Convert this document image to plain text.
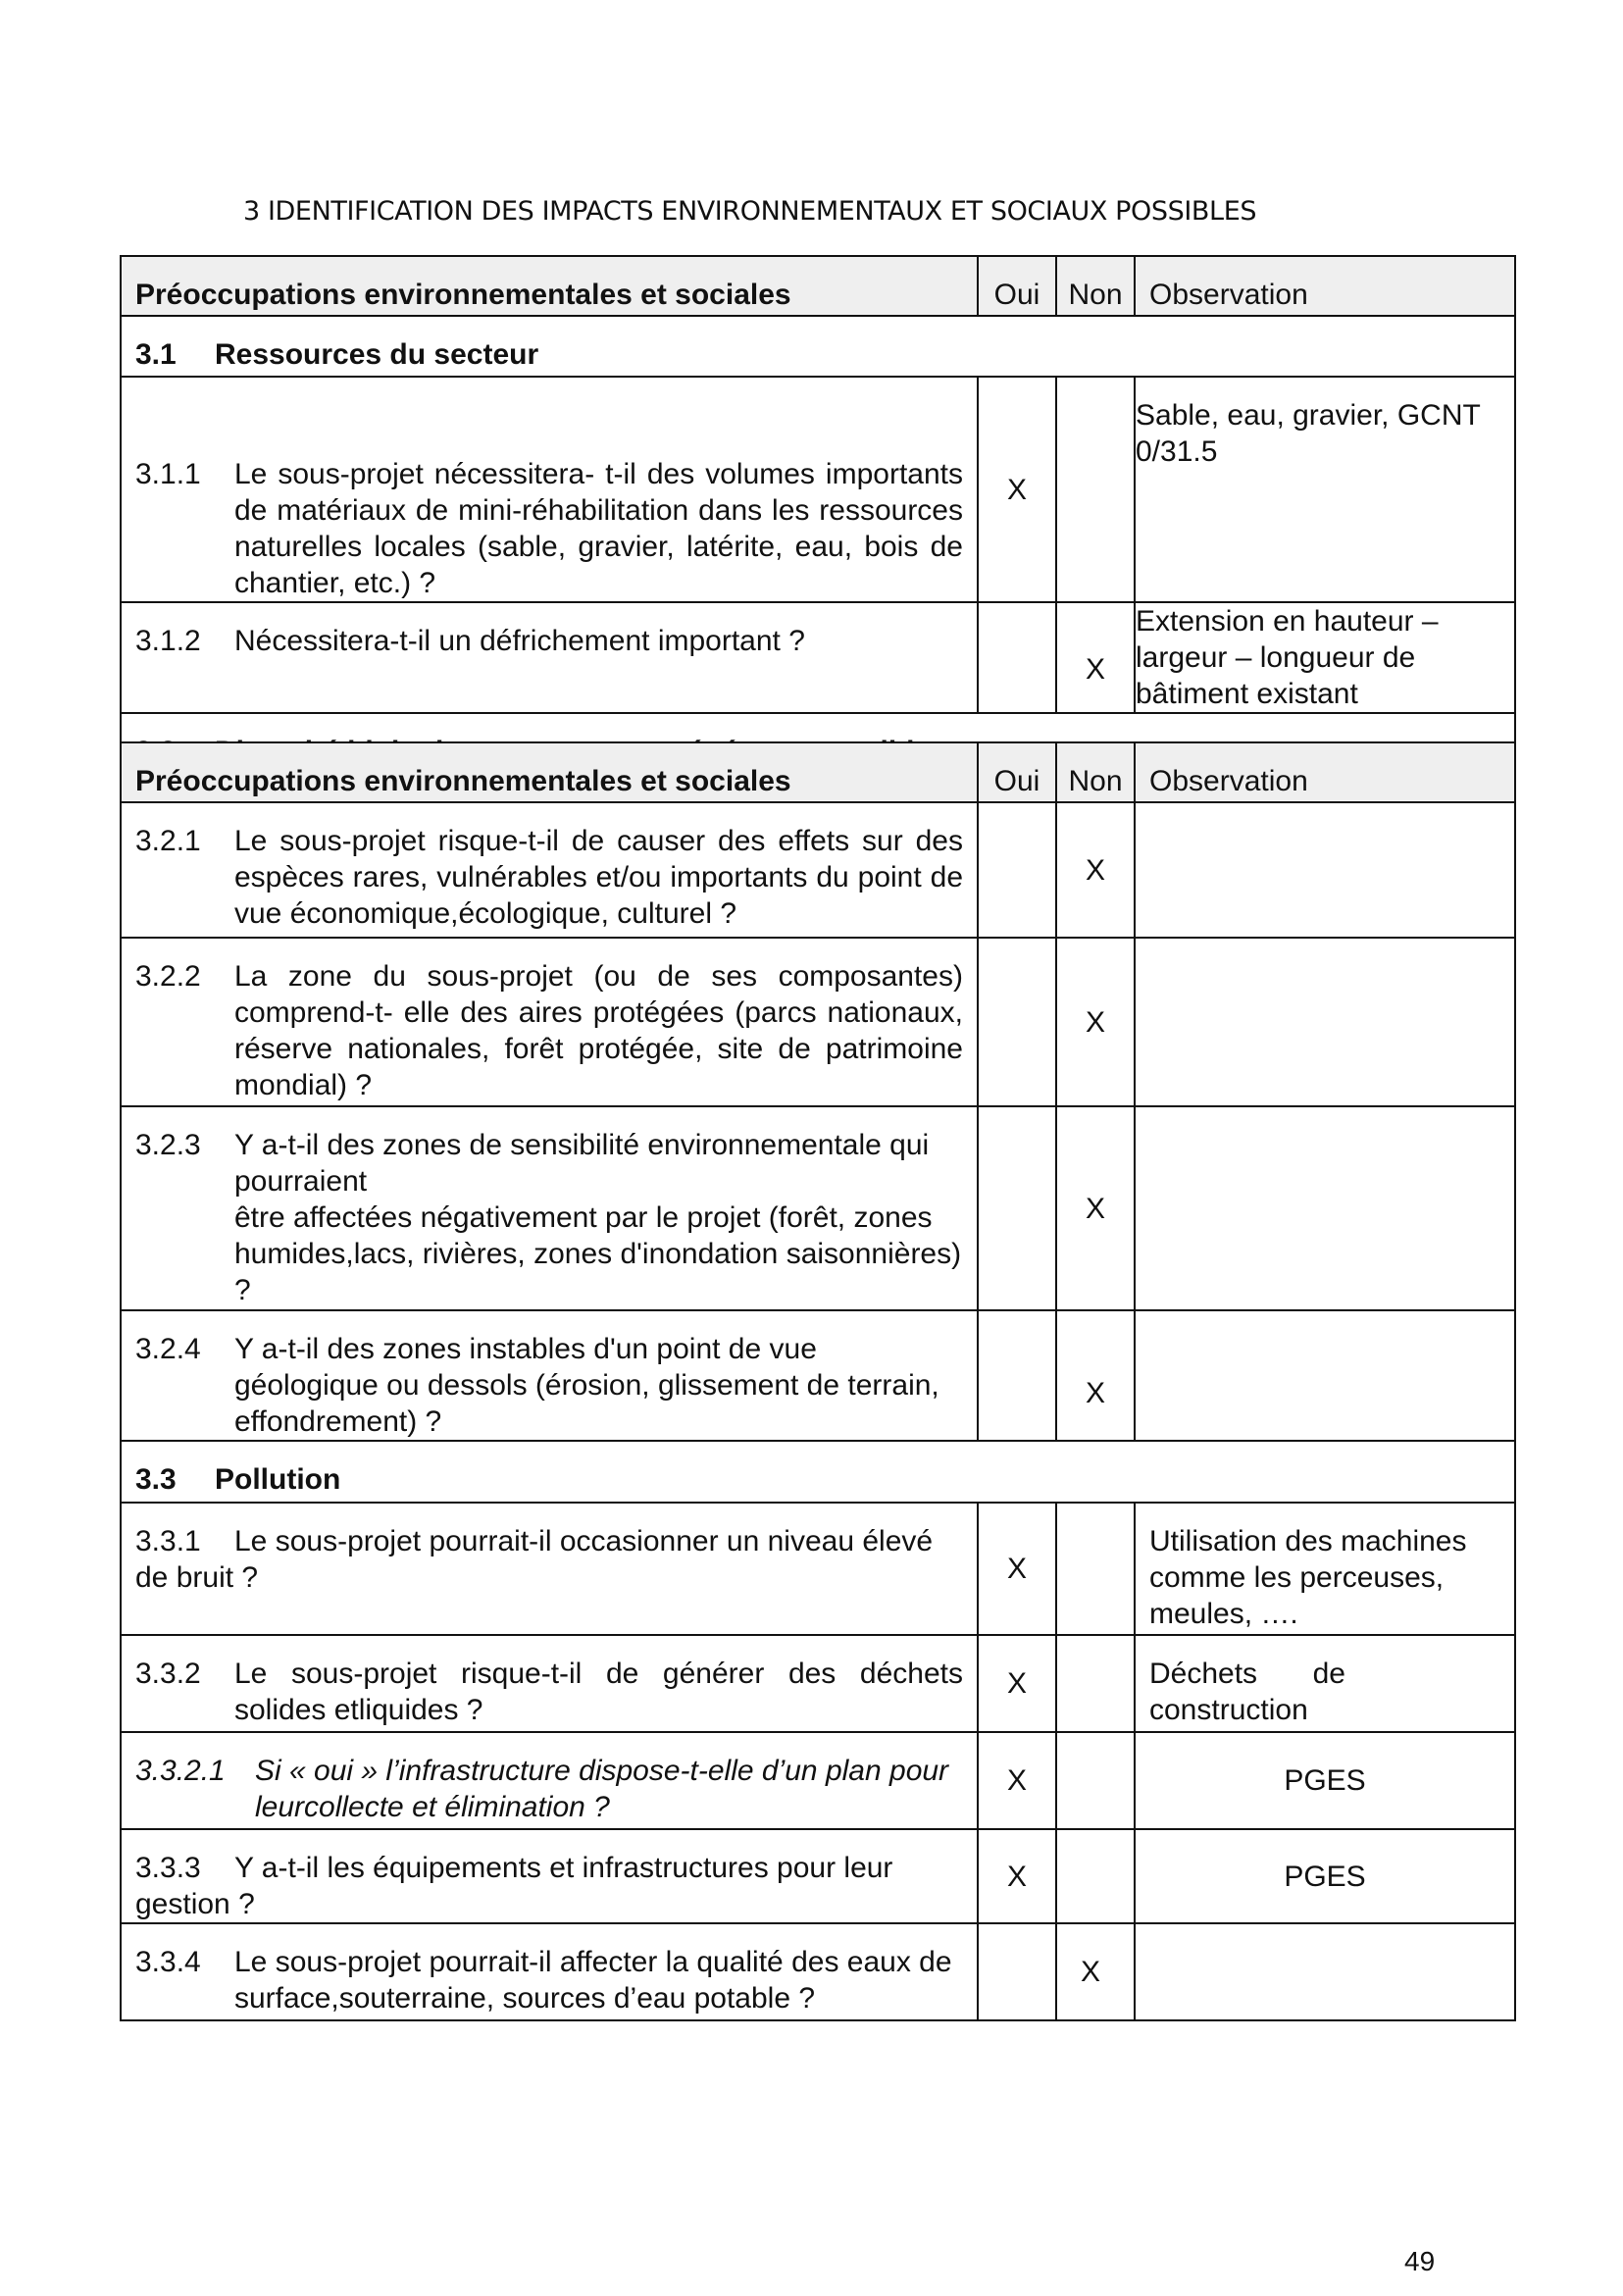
3 IDENTIFICATION DES IMPACTS ENVIRONNEMENTAUX ET SOCIAUX POSSIBLES
Préoccupations environnementales et sociales	Oui	Non	Observation
3.1 Ressources du secteur			

3.1.1 Le sous-projet nécessitera- t-il des volumes importants de matériaux de mini-réhabilitation dans les ressources naturelles locales (sable, gravier, latérite, eau, bois de chantier, etc.) ?	X		Sable, eau, gravier, GCNT 0/31.5

3.1.2 Nécessitera-t-il un défrichement important ?		X	Extension en hauteur – largeur – longueur de bâtiment existant

Préoccupations environnementales et sociales	Oui	Non	Observation

3.2.1 Le sous-projet risque-t-il de causer des effets sur des espèces rares, vulnérables et/ou importants du point de vue économique,écologique, culturel ?		X	

3.2.2 La zone du sous-projet (ou de ses composantes) comprend-t- elle des aires protégées (parcs nationaux, réserve nationales, forêt protégée, site de patrimoine mondial) ?		X	

3.2.3 Y a-t-il des zones de sensibilité environnementale qui pourraient
être affectées négativement par le projet (forêt, zones humides,lacs, rivières, zones d'inondation saisonnières) ?		X	

3.2.4 Y a-t-il des zones instables d'un point de vue géologique ou dessols (érosion, glissement de terrain, effondrement) ?		X	
3.3 Pollution			

3.3.1 Le sous-projet pourrait-il occasionner un niveau élevé de bruit ?	X		Utilisation des machines comme les perceuses, meules, ….

3.3.2 Le sous-projet risque-t-il de générer des déchets solides etliquides ?	X		Déchets de construction

3.3.2.1 Si « oui » l’infrastructure dispose-t-elle d’un plan pour leurcollecte et élimination ?	X		PGES

3.3.3 Y a-t-il les équipements et infrastructures pour leur gestion ?	X		PGES

3.3.4 Le sous-projet pourrait-il affecter la qualité des eaux de surface,souterraine, sources d’eau potable ?		X	
49
